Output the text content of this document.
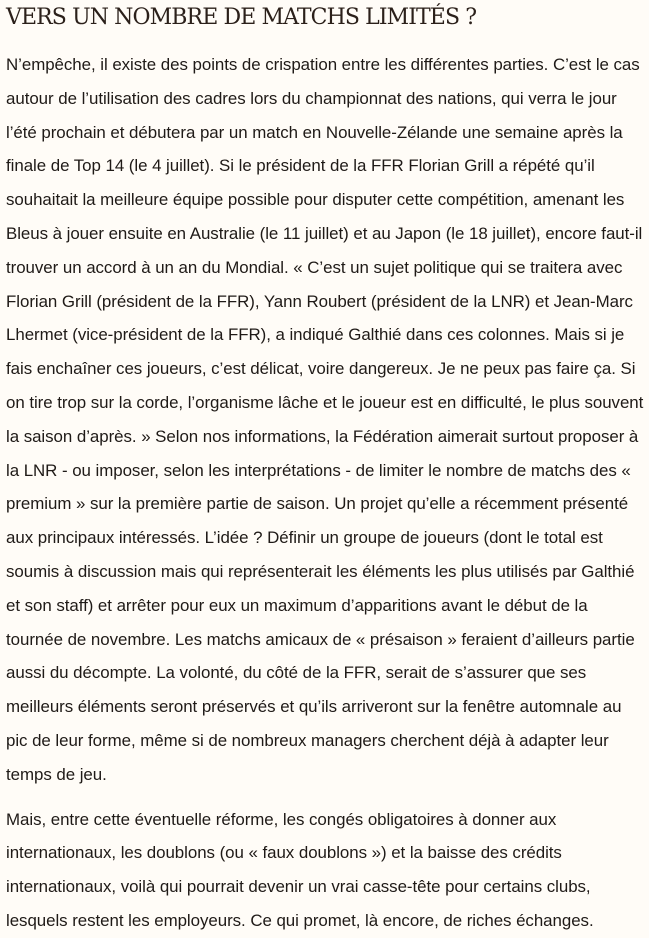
VERS UN NOMBRE DE MATCHS LIMITÉS ?

N’empêche, il existe des points de crispation entre les différentes parties. C’est le cas autour de l’utilisation des cadres lors du championnat des nations, qui verra le jour l’été prochain et débutera par un match en Nouvelle-Zélande une semaine après la finale de Top 14 (le 4 juillet). Si le président de la FFR Florian Grill a répété qu’il souhaitait la meilleure équipe possible pour disputer cette compétition, amenant les Bleus à jouer ensuite en Australie (le 11 juillet) et au Japon (le 18 juillet), encore faut-il trouver un accord à un an du Mondial. « C’est un sujet politique qui se traitera avec Florian Grill (président de la FFR), Yann Roubert (président de la LNR) et Jean-Marc Lhermet (vice-président de la FFR), a indiqué Galthié dans ces colonnes. Mais si je fais enchaîner ces joueurs, c’est délicat, voire dangereux. Je ne peux pas faire ça. Si on tire trop sur la corde, l’organisme lâche et le joueur est en difficulté, le plus souvent la saison d’après. » Selon nos informations, la Fédération aimerait surtout proposer à la LNR - ou imposer, selon les interprétations - de limiter le nombre de matchs des « premium » sur la première partie de saison. Un projet qu’elle a récemment présenté aux principaux intéressés. L’idée ? Définir un groupe de joueurs (dont le total est soumis à discussion mais qui représenterait les éléments les plus utilisés par Galthié et son staff) et arrêter pour eux un maximum d’apparitions avant le début de la tournée de novembre. Les matchs amicaux de « présaison » feraient d’ailleurs partie aussi du décompte. La volonté, du côté de la FFR, serait de s’assurer que ses meilleurs éléments seront préservés et qu’ils arriveront sur la fenêtre automnale au pic de leur forme, même si de nombreux managers cherchent déjà à adapter leur temps de jeu.

Mais, entre cette éventuelle réforme, les congés obligatoires à donner aux internationaux, les doublons (ou « faux doublons ») et la baisse des crédits internationaux, voilà qui pourrait devenir un vrai casse-tête pour certains clubs, lesquels restent les employeurs. Ce qui promet, là encore, de riches échanges.
